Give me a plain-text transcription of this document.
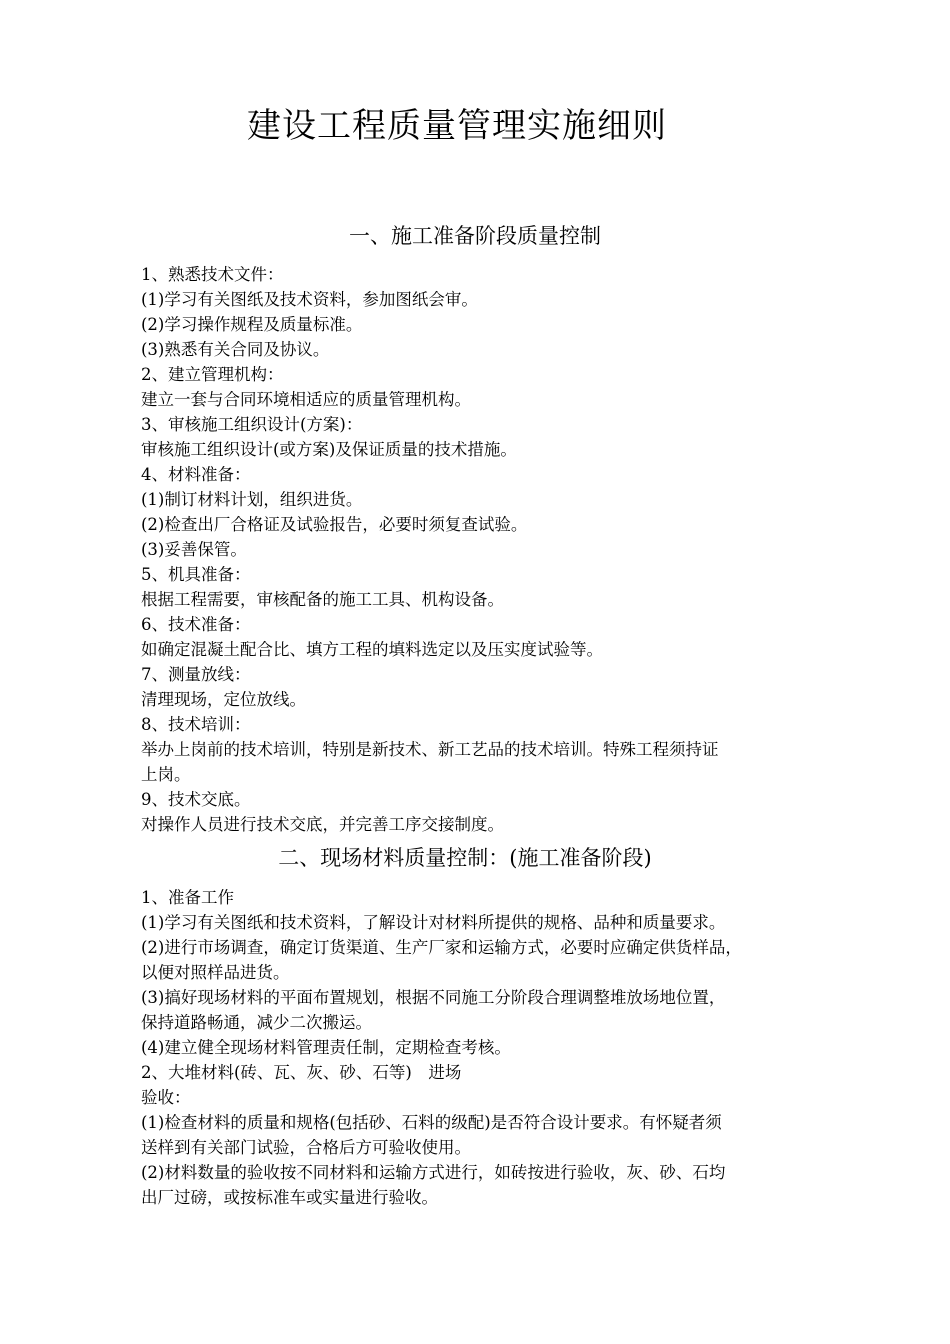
建设工程质量管理实施细则
一、施工准备阶段质量控制
1、熟悉技术文件：
(1)学习有关图纸及技术资料，参加图纸会审。
(2)学习操作规程及质量标准。
(3)熟悉有关合同及协议。
2、建立管理机构：
建立一套与合同环境相适应的质量管理机构。
3、审核施工组织设计(方案)：
审核施工组织设计(或方案)及保证质量的技术措施。
4、材料准备：
(1)制订材料计划，组织进货。
(2)检查出厂合格证及试验报告，必要时须复查试验。
(3)妥善保管。
5、机具准备：
根据工程需要，审核配备的施工工具、机构设备。
6、技术准备：
如确定混凝土配合比、填方工程的填料选定以及压实度试验等。
7、测量放线：
清理现场，定位放线。
8、技术培训：
举办上岗前的技术培训，特别是新技术、新工艺品的技术培训。特殊工程须持证
上岗。
9、技术交底。
对操作人员进行技术交底，并完善工序交接制度。
二、现场材料质量控制：(施工准备阶段)
1、准备工作
(1)学习有关图纸和技术资料，了解设计对材料所提供的规格、品种和质量要求。
(2)进行市场调查，确定订货渠道、生产厂家和运输方式，必要时应确定供货样品，
以便对照样品进货。
(3)搞好现场材料的平面布置规划，根据不同施工分阶段合理调整堆放场地位置，
保持道路畅通，减少二次搬运。
(4)建立健全现场材料管理责任制，定期检查考核。
2、大堆材料(砖、瓦、灰、砂、石等)　进场
验收：
(1)检查材料的质量和规格(包括砂、石料的级配)是否符合设计要求。有怀疑者须
送样到有关部门试验，合格后方可验收使用。
(2)材料数量的验收按不同材料和运输方式进行，如砖按进行验收，灰、砂、石均
出厂过磅，或按标准车或实量进行验收。
